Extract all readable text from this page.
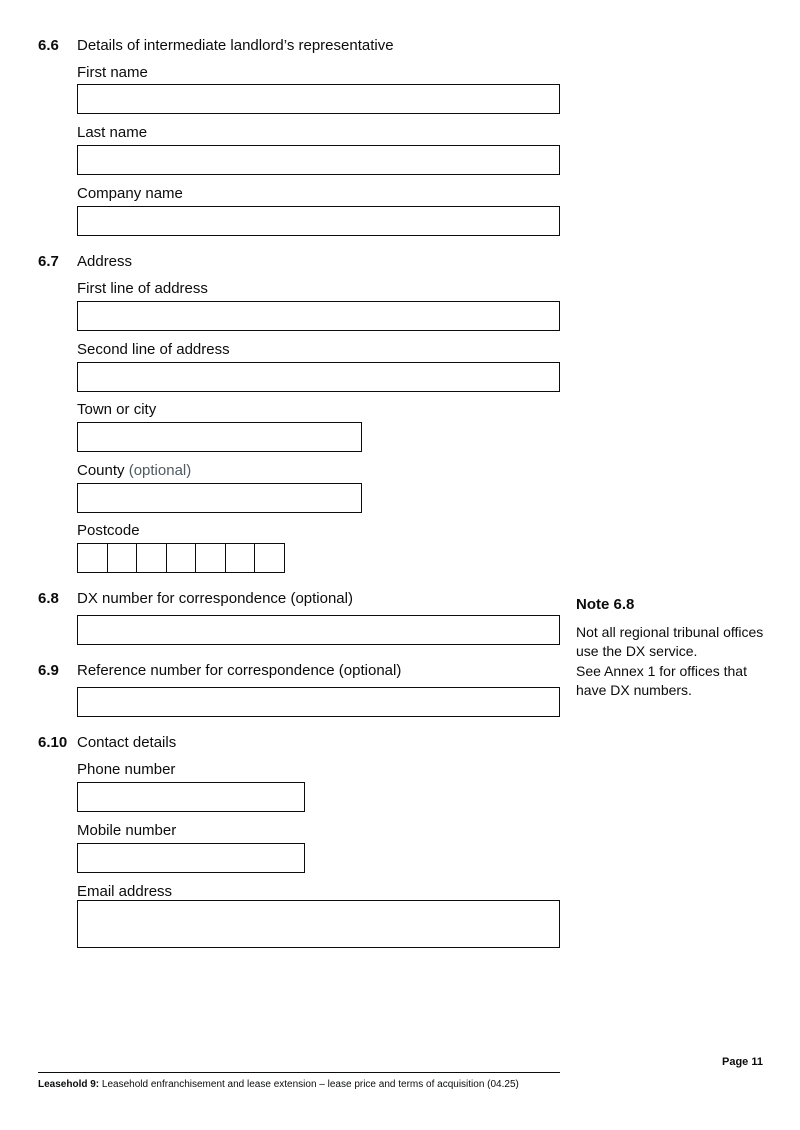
6.6 Details of intermediate landlord’s representative
First name
Last name
Company name
6.7 Address
First line of address
Second line of address
Town or city
County (optional)
Postcode
6.8 DX number for correspondence (optional)	Note 6.8
Not all regional tribunal offices use the DX service.
See Annex 1 for offices that have DX numbers.
6.9 Reference number for correspondence (optional)
6.10 Contact details
Phone number
Mobile number
Email address
Leasehold 9: Leasehold enfranchisement and lease extension – lease price and terms of acquisition (04.25)
Page 11
